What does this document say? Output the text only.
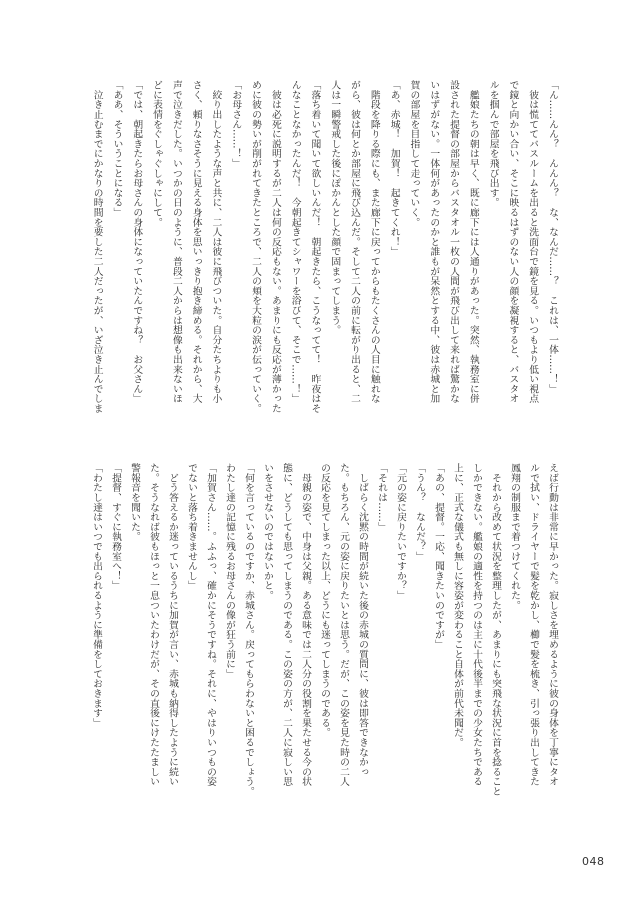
「ん……んん？　んんん？　な、なんだ……？　これは、一体……！」
　彼は慌ててバスルームを出ると洗面台で鏡を見る。いつもより低い視点
で鏡と向かい合い、そこに映るはずのない人の顔を凝視すると、バスタオ
ルを掴んで部屋を飛び出す。
　艦娘たちの朝は早く、既に廊下には人通りがあった。突然、執務室に併
設された提督の部屋からバスタオル一枚の人間が飛び出して来れば驚かな
いはずがない。一体何があったのかと誰もが呆然とする中、彼は赤城と加
賀の部屋を目指して走っていく。
「あ、赤城！　加賀！　起きてくれ！」
　階段を降りる際にも、また廊下に戻ってからもたくさんの人目に触れな
がら、彼は何とか部屋に飛び込んだ。そして二人の前に転がり出ると、二
人は一瞬警戒した後にぽかんとした顔で固まってしまう。
「落ち着いて聞いて欲しいんだ！　朝起きたら、こうなってて！　昨夜はそ
んなことなかったんだ！　今朝起きてシャワーを浴びて、そこで……！」
　彼は必死に説明するが二人は何の反応もない。あまりにも反応が薄かった
めに彼の勢いが削がれてきたところで、二人の頬を大粒の涙が伝っていく。
「お母さん……！」
　絞り出したような声と共に、二人は彼に飛びついた。自分たちよりも小
さく、頼りなさそうに見える身体を思いっきり抱き締める。それから、大
声で泣きだした。いつかの日のように、普段二人からは想像も出来ないほ
どに表情をぐしゃぐしゃにして。
「では、朝起きたらお母さんの身体になっていたんですね？　お父さん」
「ああ、そういうことになる」
　泣き止むまでにかなりの時間を要した二人だったが、いざ泣き止んでしま
えば行動は非常に早かった。寂しさを埋めるように彼の身体を丁寧にタオ
ルで拭い、ドライヤーで髪を乾かし、櫛で髪を梳き、引っ張り出してきた
鳳翔の制服まで着つけてくれた。
　それから改めて状況を整理したが、あまりにも突飛な状況に首を捻ること
しかできない。艦娘の適性を持つのは主に十代後半までの少女たちである
上に、正式な儀式も無しに容姿が変わること自体が前代未聞だ。
「あの、提督。一応、聞きたいのですが」
「うん？　なんだ？」
「元の姿に戻りたいですか？」
「それは……」
　しばらく沈黙の時間が続いた後の赤城の質問に、彼は即答できなかっ
た。もちろん、元の姿に戻りたいとは思う。だが、この姿を見た時の二人
の反応を見てしまった以上、どうにも迷ってしまうのである。
　母親の姿で、中身は父親。ある意味では二人分の役割を果たせる今の状
態に、どうしても思ってしまうのである。この姿の方が、二人に寂しい思
いをさせないのではないかと。
「何を言っているのですか、赤城さん。戻ってもらわないと困るでしょう。
わたし達の記憶に残るお母さんの像が狂う前に」
「加賀さん……。ふふっ、確かにそうですね。それに、やはりいつもの姿
でないと落ち着きませんし」
　どう答えるか迷っているうちに加賀が言い、赤城も納得したように続い
た。そうなれば彼もほっと一息ついたわけだが、その直後にけたたましい
警報音を聞いた。
「提督、すぐに執務室へ！」
「わたし達はいつでも出られるように準備をしておきます」
048
